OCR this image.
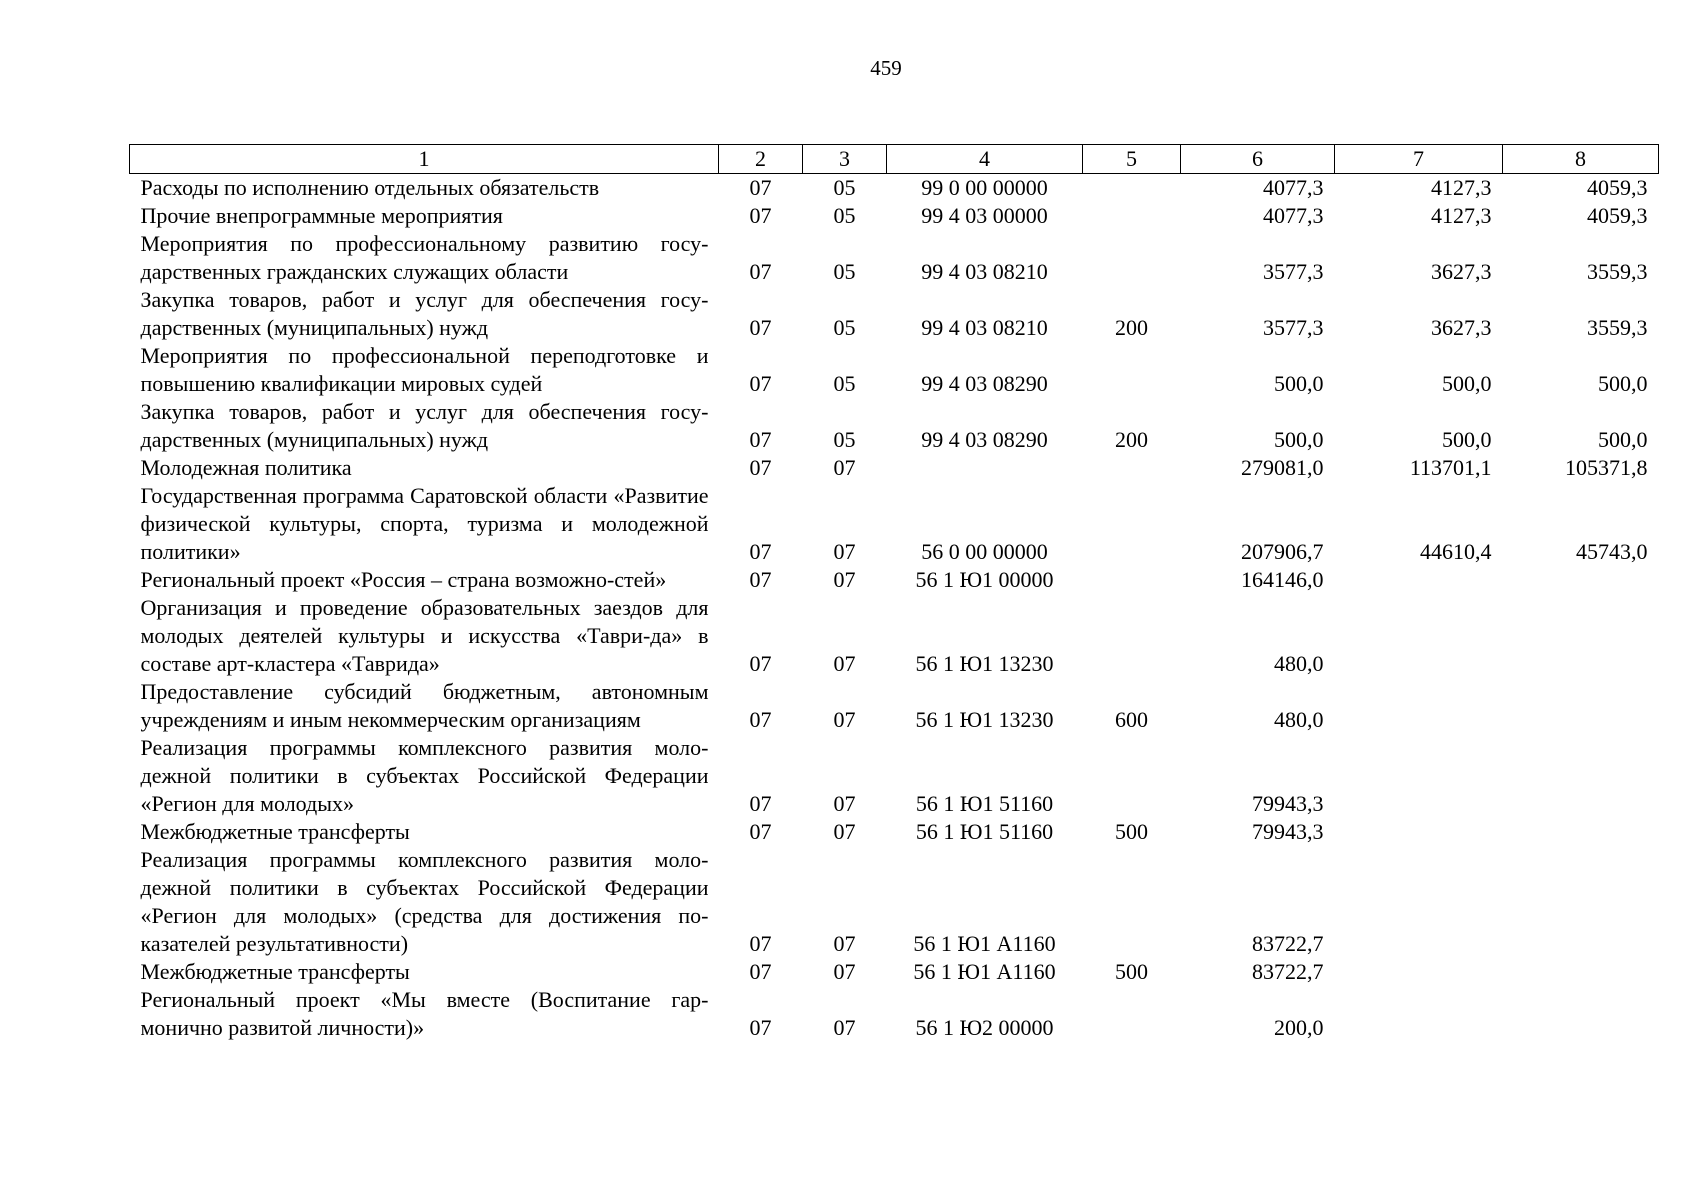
459
1	2	3	4	5	6	7	8
Расходы по исполнению отдельных обязательств	07	05	99 0 00 00000		4077,3	4127,3	4059,3
Прочие внепрограммные мероприятия	07	05	99 4 03 00000		4077,3	4127,3	4059,3
Мероприятия по профессиональному развитию госу-дарственных гражданских служащих области	07	05	99 4 03 08210		3577,3	3627,3	3559,3
Закупка товаров, работ и услуг для обеспечения госу-дарственных (муниципальных) нужд	07	05	99 4 03 08210	200	3577,3	3627,3	3559,3
Мероприятия по профессиональной переподготовке и повышению квалификации мировых судей	07	05	99 4 03 08290		500,0	500,0	500,0
Закупка товаров, работ и услуг для обеспечения госу-дарственных (муниципальных) нужд	07	05	99 4 03 08290	200	500,0	500,0	500,0
Молодежная политика	07	07			279081,0	113701,1	105371,8
Государственная программа Саратовской области «Развитие физической культуры, спорта, туризма и молодежной политики»	07	07	56 0 00 00000		207906,7	44610,4	45743,0
Региональный проект «Россия – страна возможно-стей»	07	07	56 1 Ю1 00000		164146,0		
Организация и проведение образовательных заездов для молодых деятелей культуры и искусства «Таври-да» в составе арт-кластера «Таврида»	07	07	56 1 Ю1 13230		480,0		
Предоставление субсидий бюджетным, автономным учреждениям и иным некоммерческим организациям	07	07	56 1 Ю1 13230	600	480,0		
Реализация программы комплексного развития моло-дежной политики в субъектах Российской Федерации «Регион для молодых»	07	07	56 1 Ю1 51160		79943,3		
Межбюджетные трансферты	07	07	56 1 Ю1 51160	500	79943,3		
Реализация программы комплексного развития моло-дежной политики в субъектах Российской Федерации «Регион для молодых» (средства для достижения по-казателей результативности)	07	07	56 1 Ю1 А1160		83722,7		
Межбюджетные трансферты	07	07	56 1 Ю1 А1160	500	83722,7		
Региональный проект «Мы вместе (Воспитание гар-монично развитой личности)»	07	07	56 1 Ю2 00000		200,0		
